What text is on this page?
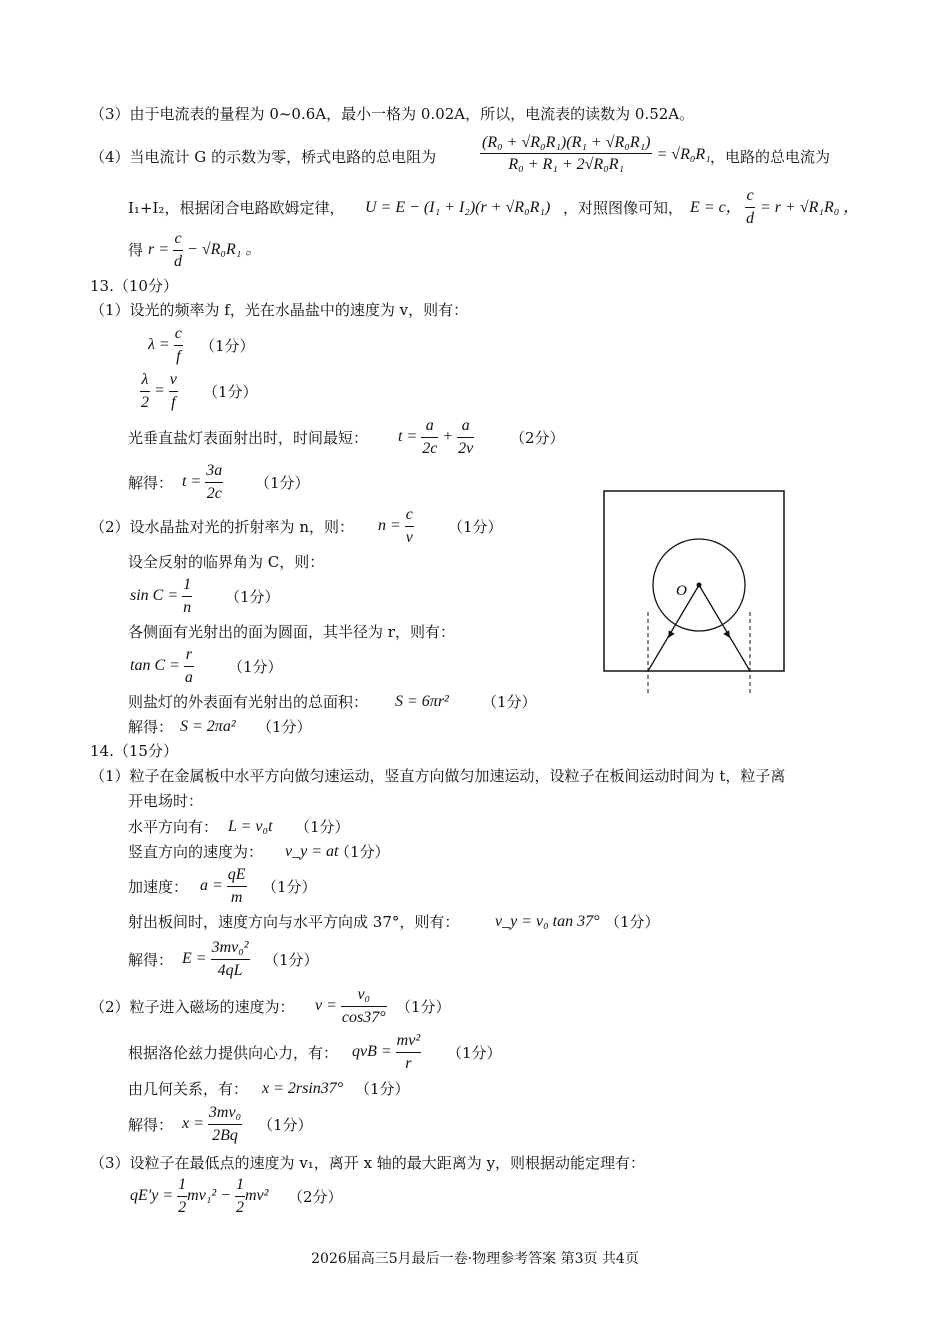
（3）由于电流表的量程为 0~0.6A，最小一格为 0.02A，所以，电流表的读数为 0.52A。
（4）当电流计 G 的示数为零，桥式电路的总电阻为	，电路的总电流为
I₁+I₂，根据闭合电路欧姆定律，	，对照图像可知，
得
13.（10分）
（1）设光的频率为 f，光在水晶盐中的速度为 v，则有：
（1分）
（1分）
光垂直盐灯表面射出时，时间最短：	（2分）
解得：	（1分）
（2）设水晶盐对光的折射率为 n，则：	（1分）
设全反射的临界角为 C，则：
（1分）
各侧面有光射出的面为圆面，其半径为 r，则有：
（1分）
则盐灯的外表面有光射出的总面积：	（1分）
解得：	（1分）
14.（15分）
（1）粒子在金属板中水平方向做匀速运动，竖直方向做匀加速运动，设粒子在板间运动时间为 t，粒子离
开电场时：
水平方向有：	（1分）
竖直方向的速度为：	（1分）
加速度：	（1分）
射出板间时，速度方向与水平方向成 37°，则有：	（1分）
解得：	（1分）
（2）粒子进入磁场的速度为：	（1分）
根据洛伦兹力提供向心力，有：	（1分）
由几何关系，有：	（1分）
解得：	（1分）
（3）设粒子在最低点的速度为 v₁，离开 x 轴的最大距离为 y，则根据动能定理有：
（2分）
(R₀ + √R₀R₁)(R₁ + √R₀R₁)	= √R₀R₁
R₀ + R₁ + 2√R₀R₁
U = E − (I₁ + I₂)(r + √R₀R₁)	E = c，
c	= r + √R₁R₀ ，
d
r = c
d − √R₀R₁ 。
λ = c
f
λ
2 = v
f
t = a
2c + a
2v
t = 3a
2c
n = c
v
sin C = 1
n
tan C = r
a
S = 6πr²
S = 2πa²
L = v₀t
v_y = at
a = qE
m
v_y = v₀ tan 37°
E = 3mv₀²
4qL
v = v₀
cos37°
qvB = mv²
r
x = 2rsin37°
x = 3mv₀
2Bq
qE′y = 1
2mv₁² − 1
2mv²
O
2026届高三5月最后一卷·物理参考答案 第3页 共4页
